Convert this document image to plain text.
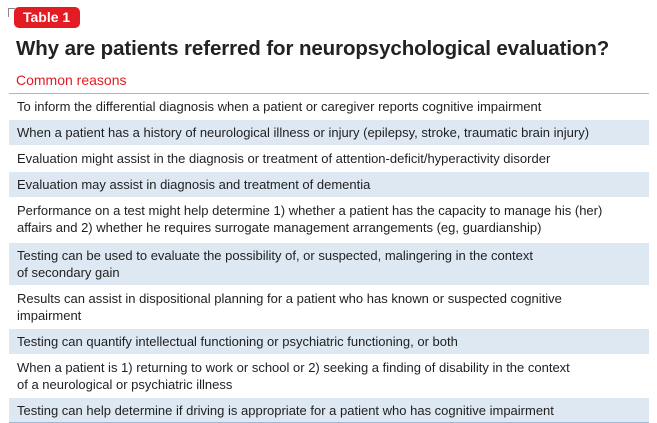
Table 1
Why are patients referred for neuropsychological evaluation?
Common reasons
To inform the differential diagnosis when a patient or caregiver reports cognitive impairment
When a patient has a history of neurological illness or injury (epilepsy, stroke, traumatic brain injury)
Evaluation might assist in the diagnosis or treatment of attention-deficit/hyperactivity disorder
Evaluation may assist in diagnosis and treatment of dementia
Performance on a test might help determine 1) whether a patient has the capacity to manage his (her)
affairs and 2) whether he requires surrogate management arrangements (eg, guardianship)
Testing can be used to evaluate the possibility of, or suspected, malingering in the context
of secondary gain
Results can assist in dispositional planning for a patient who has known or suspected cognitive
impairment
Testing can quantify intellectual functioning or psychiatric functioning, or both
When a patient is 1) returning to work or school or 2) seeking a finding of disability in the context
of a neurological or psychiatric illness
Testing can help determine if driving is appropriate for a patient who has cognitive impairment
